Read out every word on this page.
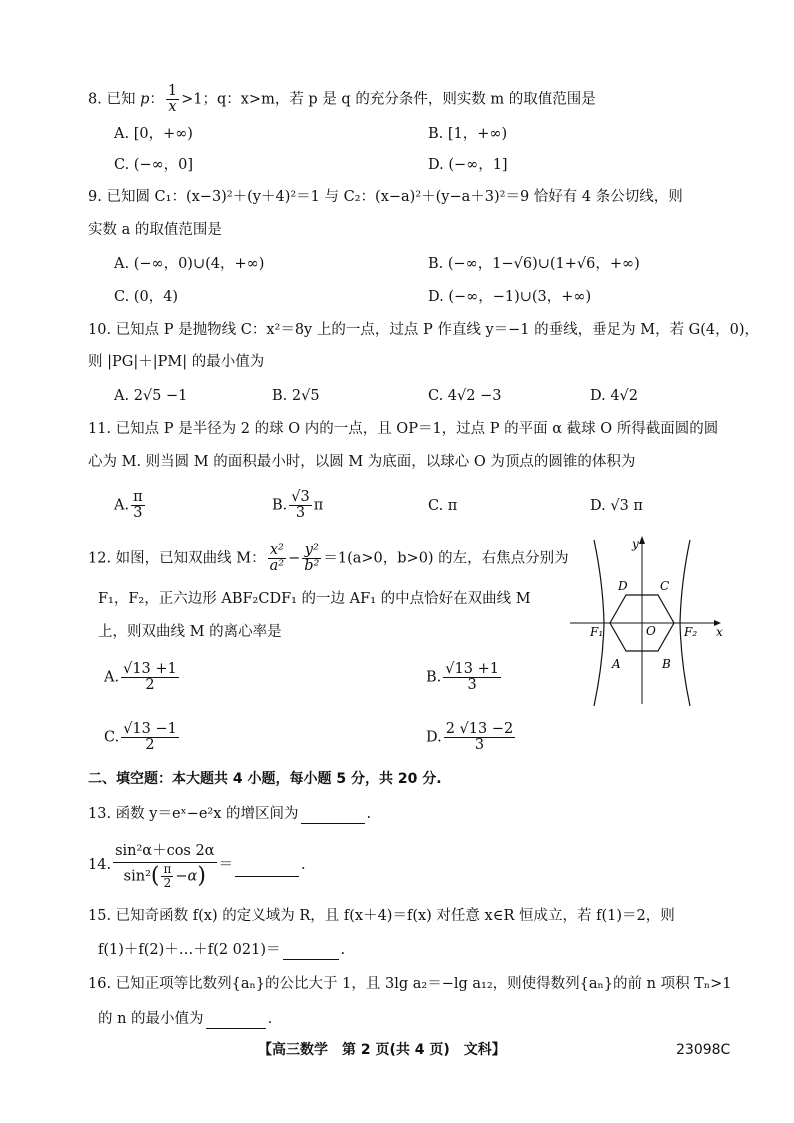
8. 已知 p： $\frac{1}{x} >1$；q：x>m，若 p 是 q 的充分条件，则实数 m 的取值范围是
A. [0，+∞)	B. [1，+∞)
C. (−∞，0]	D. (−∞，1]
9. 已知圆 C₁：(x−3)²＋(y＋4)²＝1 与 C₂：(x−a)²＋(y−a＋3)²＝9 恰好有 4 条公切线，则
实数 a 的取值范围是
A. (−∞，0)∪(4，+∞)	B. (−∞，1−√6)∪(1+√6，+∞)
C. (0，4)	D. (−∞，−1)∪(3，+∞)
10. 已知点 P 是抛物线 C：x²＝8y 上的一点，过点 P 作直线 y＝−1 的垂线，垂足为 M，若 G(4，0)，
则 |PG|＋|PM| 的最小值为
A. 2√5 −1	B. 2√5	C. 4√2 −3	D. 4√2
11. 已知点 P 是半径为 2 的球 O 内的一点，且 OP＝1，过点 P 的平面 α 截球 O 所得截面圆的圆
心为 M. 则当圆 M 的面积最小时，以圆 M 为底面，以球心 O 为顶点的圆锥的体积为
A. $\frac{\pi}{3}$	B. $\frac{√3}{3}$ π	C. π	D. √3 π
12. 如图，已知双曲线 M： $\frac{\text{x²}}{\text{a²}} - \frac{\text{y²}}{\text{b²}} =1(a>0$，b>0) 的左，右焦点分别为
F₁，F₂，正六边形 ABF₂CDF₁ 的一边 AF₁ 的中点恰好在双曲线 M
上，则双曲线 M 的离心率是
A. $\frac{√13 +1}{2}$	B. $\frac{√13 +1}{3}$
C. $\frac{√13 -1}{2}$	D. $\frac{2 √13 -2}{3}$
y
x
O
D	C
F₁	F₂
A	B
二、填空题：本大题共 4 小题，每小题 5 分，共 20 分.
13. 函数 y＝eˣ−e²x 的增区间为	.
14. $\frac{\text{sin²α＋cos 2α}}{\sin^2( \frac{\pi}{2} -\alpha)}$ ＝	.
15. 已知奇函数 f(x) 的定义域为 R，且 f(x＋4)＝f(x) 对任意 x∈R 恒成立，若 f(1)＝2，则
f(1)＋f(2)＋…＋f(2 021)＝	.
16. 已知正项等比数列{aₙ}的公比大于 1，且 3lg a₂＝−lg a₁₂，则使得数列{aₙ}的前 n 项积 Tₙ>1
的 n 的最小值为	.
【高三数学　第 2 页(共 4 页)　文科】	23098C
